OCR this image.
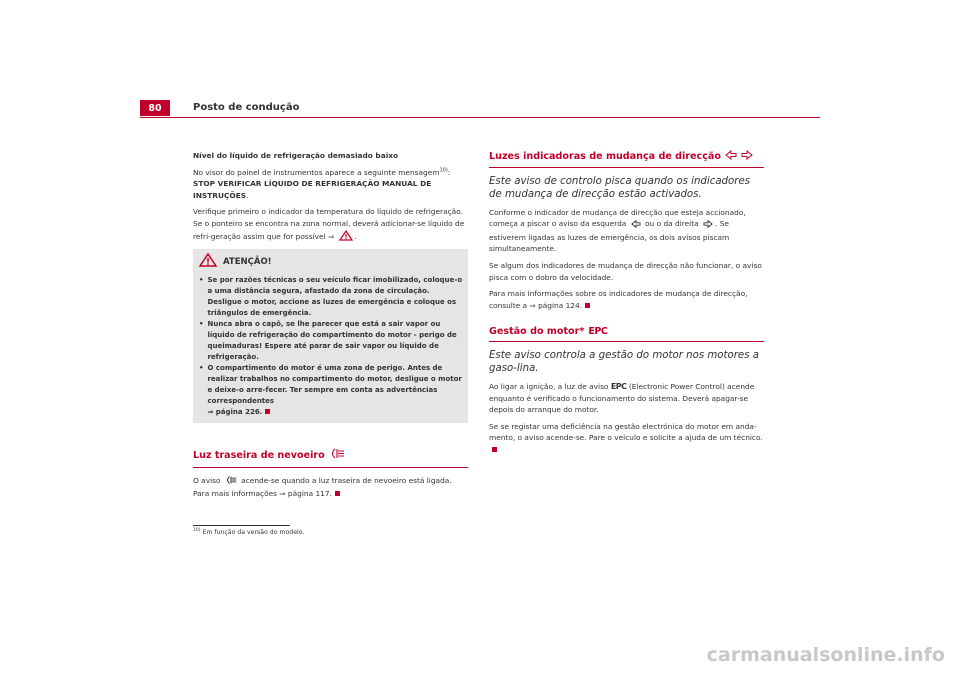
80	Posto de condução

Nível do líquido de refrigeração demasiado baixo

No visor do painel de instrumentos aparece a seguinte mensagem$^{10)}$: STOP VERIFICAR LÍQUIDO DE REFRIGERAÇÃO MANUAL DE INSTRUÇÕES.

Verifique primeiro o indicador da temperatura do líquido de refrigeração. Se o ponteiro se encontra na zona normal, deverá adicionar-se líquido de refri-geração assim que for possível ⇒	.

ATENÇÃO!
• Se por razões técnicas o seu veículo ficar imobilizado, coloque-o a uma distância segura, afastado da zona de circulação. Desligue o motor, accione as luzes de emergência e coloque os triângulos de emergência.
• Nunca abra o capô, se lhe parecer que está a sair vapor ou líquido de refrigeração do compartimento do motor - perigo de queimaduras! Espere até parar de sair vapor ou líquido de refrigeração.
• O compartimento do motor é uma zona de perigo. Antes de realizar trabalhos no compartimento do motor, desligue o motor e deixe-o arre-fecer. Ter sempre em conta as advertências correspondentes
⇒ página 226.
Luz traseira de nevoeiro

O aviso	acende-se quando a luz traseira de nevoeiro está ligada. Para mais informações ⇒ página 117.

Luzes indicadoras de mudança de direcção

Este aviso de controlo pisca quando os indicadores de mudança de direcção estão activados.

Conforme o indicador de mudança de direcção que esteja accionado, começa a piscar o aviso da esquerda	ou o da direita . Se estiverem ligadas as luzes de emergência, os dois avisos piscam simultaneamente.

Se algum dos indicadores de mudança de direcção não funcionar, o aviso pisca com o dobro da velocidade.

Para mais informações sobre os indicadores de mudança de direcção, consulte a ⇒ página 124.

Gestão do motor* EPC

Este aviso controla a gestão do motor nos motores a gaso-lina.

Ao ligar a ignição, a luz de aviso EPC (Electronic Power Control) acende enquanto é verificado o funcionamento do sistema. Deverá apagar-se depois do arranque do motor.

Se se registar uma deficiência na gestão electrónica do motor em anda-mento, o aviso acende-se. Pare o veículo e solicite a ajuda de um técnico.

$^{10)}$ Em função da versão do modelo.
carmanualsonline.info
